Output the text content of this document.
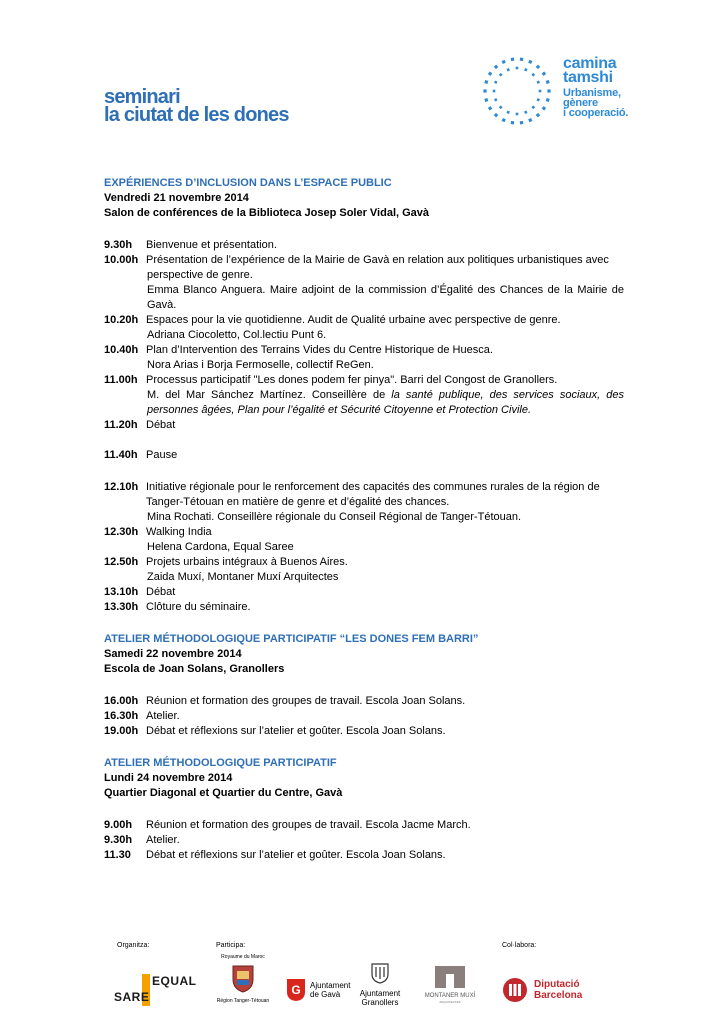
seminari
la ciutat de les dones
camina
tamshi
Urbanisme,
gènere
i cooperació.
EXPÉRIENCES D’INCLUSION DANS L’ESPACE PUBLIC
Vendredi 21 novembre 2014
Salon de conférences de la Biblioteca Josep Soler Vidal, Gavà
9.30h	Bienvenue et présentation.
10.00h Présentation de l’expérience de la Mairie de Gavà en relation aux politiques urbanistiques avec
perspective de genre.
Emma Blanco Anguera. Maire adjoint de la commission d’Égalité des Chances de la Mairie de Gavà.
10.20h Espaces pour la vie quotidienne. Audit de Qualité urbaine avec perspective de genre.
Adriana Ciocoletto, Col.lectiu Punt 6.
10.40h Plan d’Intervention des Terrains Vides du Centre Historique de Huesca.
Nora Arias i Borja Fermoselle, collectif ReGen.
11.00h Processus participatif "Les dones podem fer pinya". Barri del Congost de Granollers.
M. del Mar Sánchez Martínez. Conseillère de la santé publique, des services sociaux, des personnes âgées, Plan pour l’égalité et Sécurité Citoyenne et Protection Civile.
11.20h Débat
11.40h Pause
12.10h Initiative régionale pour le renforcement des capacités des communes rurales de la région de
Tanger-Tétouan en matière de genre et d’égalité des chances.
Mina Rochati. Conseillère régionale du Conseil Régional de Tanger-Tétouan.
12.30h Walking India
Helena Cardona, Equal Saree
12.50h Projets urbains intégraux à Buenos Aires.
Zaida Muxí, Montaner Muxí Arquitectes
13.10h Débat
13.30h Clôture du séminaire.
ATELIER MÉTHODOLOGIQUE PARTICIPATIF “LES DONES FEM BARRI”
Samedi 22 novembre 2014
Escola de Joan Solans, Granollers
16.00h Réunion et formation des groupes de travail. Escola Joan Solans.
16.30h Atelier.
19.00h Débat et réflexions sur l’atelier et goûter. Escola Joan Solans.
ATELIER MÉTHODOLOGIQUE PARTICIPATIF
Lundi 24 novembre 2014
Quartier Diagonal et Quartier du Centre, Gavà
9.00h	Réunion et formation des groupes de travail. Escola Jacme March.
9.30h	Atelier.
11.30	Débat et réflexions sur l’atelier et goûter. Escola Joan Solans.
Organitza:	Participa:	Col·labora:
EQUAL
SARE
Royaume du Maroc
Région Tanger-Tétouan
G Ajuntament
de Gavà	Ajuntament
Granollers
MONTANER MUXÍ
ARQUITECTES
Diputació
Barcelona
